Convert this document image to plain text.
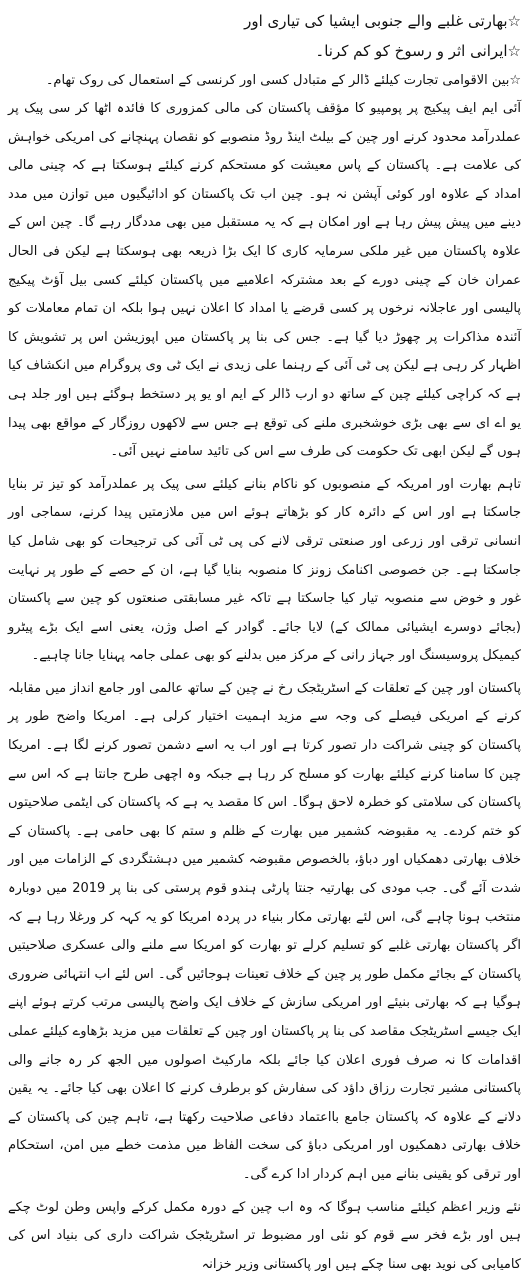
☆بھارتی غلبے والے جنوبی ایشیا کی تیاری اور

☆ایرانی اثر و رسوخ کو کم کرنا۔

☆بین الاقوامی تجارت کیلئے ڈالر کے متبادل کسی اور کرنسی کے استعمال کی روک تھام۔

آئی ایم ایف پیکیج پر پومپیو کا مؤقف پاکستان کی مالی کمزوری کا فائدہ اٹھا کر سی پیک پر عملدرآمد محدود کرنے اور چین کے بیلٹ اینڈ روڈ منصوبے کو نقصان پہنچانے کی امریکی خواہش کی علامت ہے۔ پاکستان کے پاس معیشت کو مستحکم کرنے کیلئے ہوسکتا ہے کہ چینی مالی امداد کے علاوہ اور کوئی آپشن نہ ہو۔ چین اب تک پاکستان کو ادائیگیوں میں توازن میں مدد دینے میں پیش پیش رہا ہے اور امکان ہے کہ یہ مستقبل میں بھی مددگار رہے گا۔ چین اس کے علاوہ پاکستان میں غیر ملکی سرمایہ کاری کا ایک بڑا ذریعہ بھی ہوسکتا ہے لیکن فی الحال عمران خان کے چینی دورے کے بعد مشترکہ اعلامیے میں پاکستان کیلئے کسی بیل آؤٹ پیکیج پالیسی اور عاجلانہ نرخوں پر کسی قرضے یا امداد کا اعلان نہیں ہوا بلکہ ان تمام معاملات کو آئندہ مذاکرات پر چھوڑ دیا گیا ہے۔ جس کی بنا پر پاکستان میں اپوزیشن اس پر تشویش کا اظہار کر رہی ہے لیکن پی ٹی آئی کے رہنما علی زیدی نے ایک ٹی وی پروگرام میں انکشاف کیا ہے کہ کراچی کیلئے چین کے ساتھ دو ارب ڈالر کے ایم او یو پر دستخط ہوگئے ہیں اور جلد ہی یو اے ای سے بھی بڑی خوشخبری ملنے کی توقع ہے جس سے لاکھوں روزگار کے مواقع بھی پیدا ہوں گے لیکن ابھی تک حکومت کی طرف سے اس کی تائید سامنے نہیں آئی۔

تاہم بھارت اور امریکہ کے منصوبوں کو ناکام بنانے کیلئے سی پیک پر عملدرآمد کو تیز تر بنایا جاسکتا ہے اور اس کے دائرہ کار کو بڑھاتے ہوئے اس میں ملازمتیں پیدا کرنے، سماجی اور انسانی ترقی اور زرعی اور صنعتی ترقی لانے کی پی ٹی آئی کی ترجیحات کو بھی شامل کیا جاسکتا ہے۔ جن خصوصی اکنامک زونز کا منصوبہ بنایا گیا ہے، ان کے حصے کے طور پر نہایت غور و خوض سے منصوبہ تیار کیا جاسکتا ہے تاکہ غیر مسابقتی صنعتوں کو چین سے پاکستان (بجائے دوسرے ایشیائی ممالک کے) لایا جائے۔ گوادر کے اصل وژن، یعنی اسے ایک بڑے پیٹرو کیمیکل پروسیسنگ اور جہاز رانی کے مرکز میں بدلنے کو بھی عملی جامہ پہنایا جانا چاہیے۔

پاکستان اور چین کے تعلقات کے اسٹریٹجک رخ نے چین کے ساتھ عالمی اور جامع انداز میں مقابلہ کرنے کے امریکی فیصلے کی وجہ سے مزید اہمیت اختیار کرلی ہے۔ امریکا واضح طور پر پاکستان کو چینی شراکت دار تصور کرتا ہے اور اب یہ اسے دشمن تصور کرنے لگا ہے۔ امریکا چین کا سامنا کرنے کیلئے بھارت کو مسلح کر رہا ہے جبکہ وہ اچھی طرح جانتا ہے کہ اس سے پاکستان کی سلامتی کو خطرہ لاحق ہوگا۔ اس کا مقصد یہ ہے کہ پاکستان کی ایٹمی صلاحیتوں کو ختم کردے۔ یہ مقبوضہ کشمیر میں بھارت کے ظلم و ستم کا بھی حامی ہے۔ پاکستان کے خلاف بھارتی دھمکیاں اور دباؤ، بالخصوص مقبوضہ کشمیر میں دہشتگردی کے الزامات میں اور شدت آئے گی۔ جب مودی کی بھارتیہ جنتا پارٹی ہندو قوم پرستی کی بنا پر 2019 میں دوبارہ منتخب ہونا چاہے گی، اس لئے بھارتی مکار بنیاء در پردہ امریکا کو یہ کہہ کر ورغلا رہا ہے کہ اگر پاکستان بھارتی غلبے کو تسلیم کرلے تو بھارت کو امریکا سے ملنے والی عسکری صلاحیتیں پاکستان کے بجائے مکمل طور پر چین کے خلاف تعینات ہوجائیں گی۔ اس لئے اب انتہائی ضروری ہوگیا ہے کہ بھارتی بنیئے اور امریکی سازش کے خلاف ایک واضح پالیسی مرتب کرتے ہوئے اپنے ایک جیسے اسٹریٹجک مقاصد کی بنا پر پاکستان اور چین کے تعلقات میں مزید بڑھاوے کیلئے عملی اقدامات کا نہ صرف فوری اعلان کیا جائے بلکہ مارکیٹ اصولوں میں الجھ کر رہ جانے والی پاکستانی مشیر تجارت رزاق داؤد کی سفارش کو برطرف کرنے کا اعلان بھی کیا جائے۔ یہ یقین دلانے کے علاوہ کہ پاکستان جامع بااعتماد دفاعی صلاحیت رکھتا ہے، تاہم چین کی پاکستان کے خلاف بھارتی دھمکیوں اور امریکی دباؤ کی سخت الفاظ میں مذمت خطے میں امن، استحکام اور ترقی کو یقینی بنانے میں اہم کردار ادا کرے گی۔

نئے وزیر اعظم کیلئے مناسب ہوگا کہ وہ اب چین کے دورہ مکمل کرکے واپس وطن لوٹ چکے ہیں اور بڑے فخر سے قوم کو نئی اور مضبوط تر اسٹریٹجک شراکت داری کی بنیاد اس کی کامیابی کی نوید بھی سنا چکے ہیں اور پاکستانی وزیر خزانہ
